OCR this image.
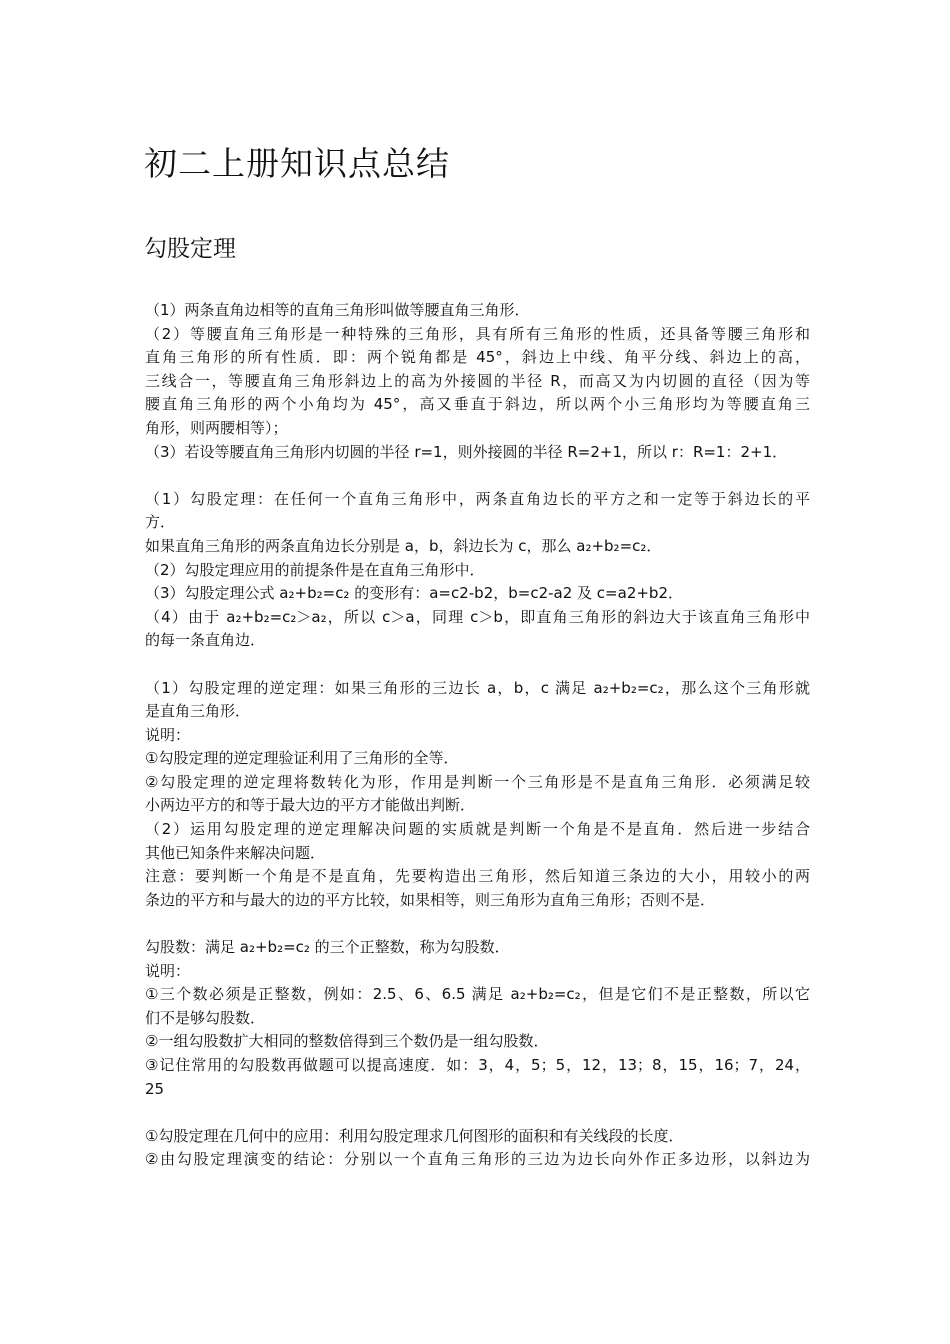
初二上册知识点总结
勾股定理
（1）两条直角边相等的直角三角形叫做等腰直角三角形．
（2）等腰直角三角形是一种特殊的三角形，具有所有三角形的性质，还具备等腰三角形和
直角三角形的所有性质．即：两个锐角都是 45°，斜边上中线、角平分线、斜边上的高，
三线合一，等腰直角三角形斜边上的高为外接圆的半径 R，而高又为内切圆的直径（因为等
腰直角三角形的两个小角均为 45°，高又垂直于斜边，所以两个小三角形均为等腰直角三
角形，则两腰相等）；
（3）若设等腰直角三角形内切圆的半径 r=1，则外接圆的半径 R=2+1，所以 r：R=1：2+1．
（1）勾股定理：在任何一个直角三角形中，两条直角边长的平方之和一定等于斜边长的平
方．
如果直角三角形的两条直角边长分别是 a，b，斜边长为 c，那么 a₂+b₂=c₂．
（2）勾股定理应用的前提条件是在直角三角形中．
（3）勾股定理公式 a₂+b₂=c₂ 的变形有：a=c2-b2，b=c2-a2 及 c=a2+b2．
（4）由于 a₂+b₂=c₂＞a₂，所以 c＞a，同理 c＞b，即直角三角形的斜边大于该直角三角形中
的每一条直角边．
（1）勾股定理的逆定理：如果三角形的三边长 a，b，c 满足 a₂+b₂=c₂，那么这个三角形就
是直角三角形．
说明：
①勾股定理的逆定理验证利用了三角形的全等．
②勾股定理的逆定理将数转化为形，作用是判断一个三角形是不是直角三角形．必须满足较
小两边平方的和等于最大边的平方才能做出判断．
（2）运用勾股定理的逆定理解决问题的实质就是判断一个角是不是直角．然后进一步结合
其他已知条件来解决问题．
注意：要判断一个角是不是直角，先要构造出三角形，然后知道三条边的大小，用较小的两
条边的平方和与最大的边的平方比较，如果相等，则三角形为直角三角形；否则不是．
勾股数：满足 a₂+b₂=c₂ 的三个正整数，称为勾股数．
说明：
①三个数必须是正整数，例如：2.5、6、6.5 满足 a₂+b₂=c₂，但是它们不是正整数，所以它
们不是够勾股数．
②一组勾股数扩大相同的整数倍得到三个数仍是一组勾股数．
③记住常用的勾股数再做题可以提高速度．如：3，4，5；5，12，13；8，15，16；7，24，
25
①勾股定理在几何中的应用：利用勾股定理求几何图形的面积和有关线段的长度．
②由勾股定理演变的结论：分别以一个直角三角形的三边为边长向外作正多边形，以斜边为
